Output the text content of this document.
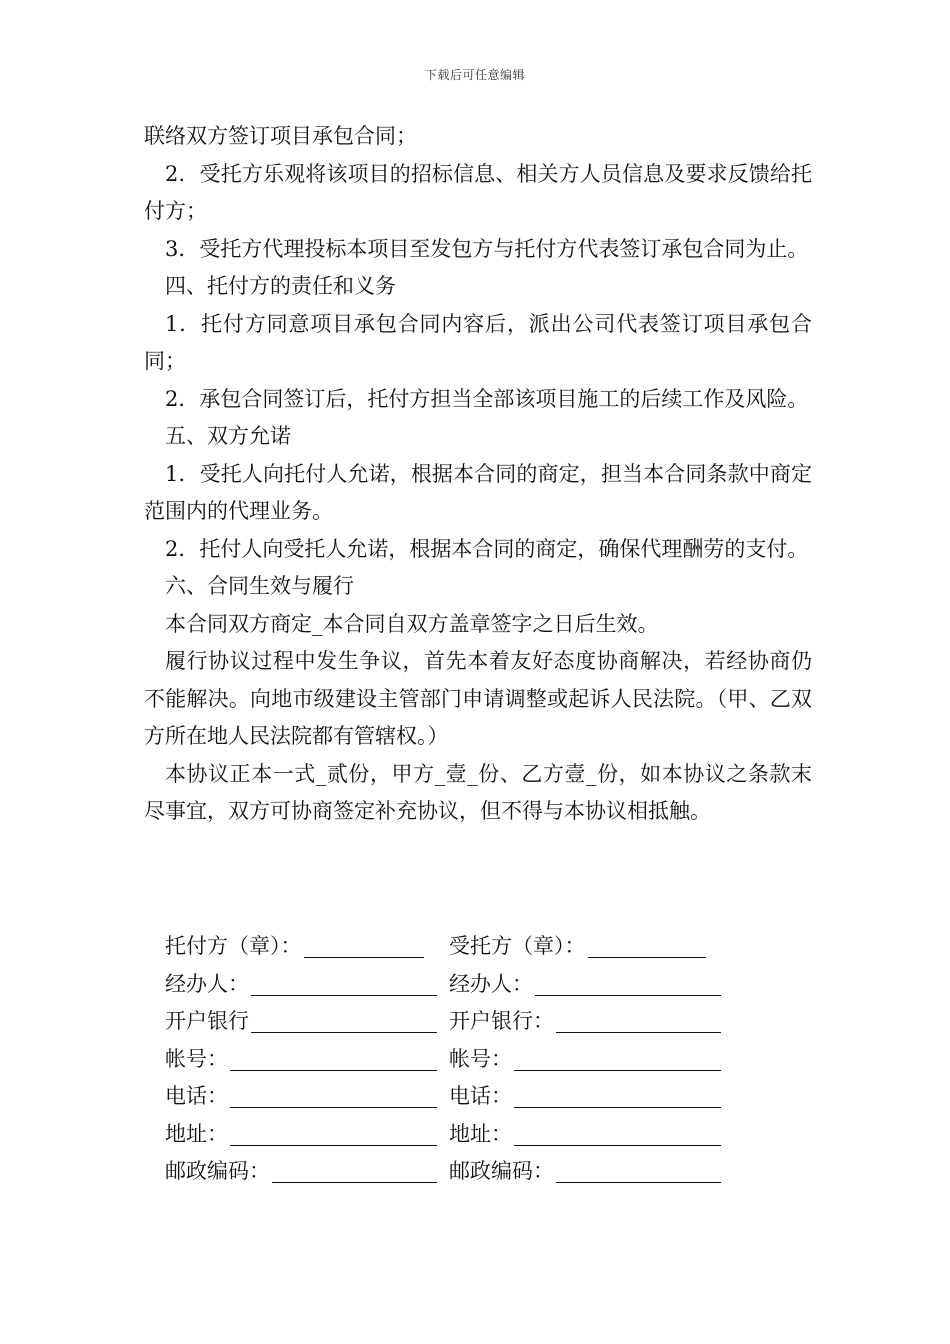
下载后可任意编辑

联络双方签订项目承包合同；

2．受托方乐观将该项目的招标信息、相关方人员信息及要求反馈给托付方；

3．受托方代理投标本项目至发包方与托付方代表签订承包合同为止。

四、托付方的责任和义务

1．托付方同意项目承包合同内容后，派出公司代表签订项目承包合同；

2．承包合同签订后，托付方担当全部该项目施工的后续工作及风险。

五、双方允诺

1．受托人向托付人允诺，根据本合同的商定，担当本合同条款中商定范围内的代理业务。

2．托付人向受托人允诺，根据本合同的商定，确保代理酬劳的支付。

六、合同生效与履行

本合同双方商定_本合同自双方盖章签字之日后生效。

履行协议过程中发生争议，首先本着友好态度协商解决，若经协商仍不能解决。向地市级建设主管部门申请调整或起诉人民法院。（甲、乙双方所在地人民法院都有管辖权。）

本协议正本一式_贰份，甲方_壹_份、乙方壹_份，如本协议之条款末尽事宜，双方可协商签定补充协议，但不得与本协议相抵触。

托付方（章）：	受托方（章）：
经办人：	经办人：
开户银行	开户银行：
帐号：	帐号：
电话：	电话：
地址：	地址：
邮政编码：	邮政编码：
